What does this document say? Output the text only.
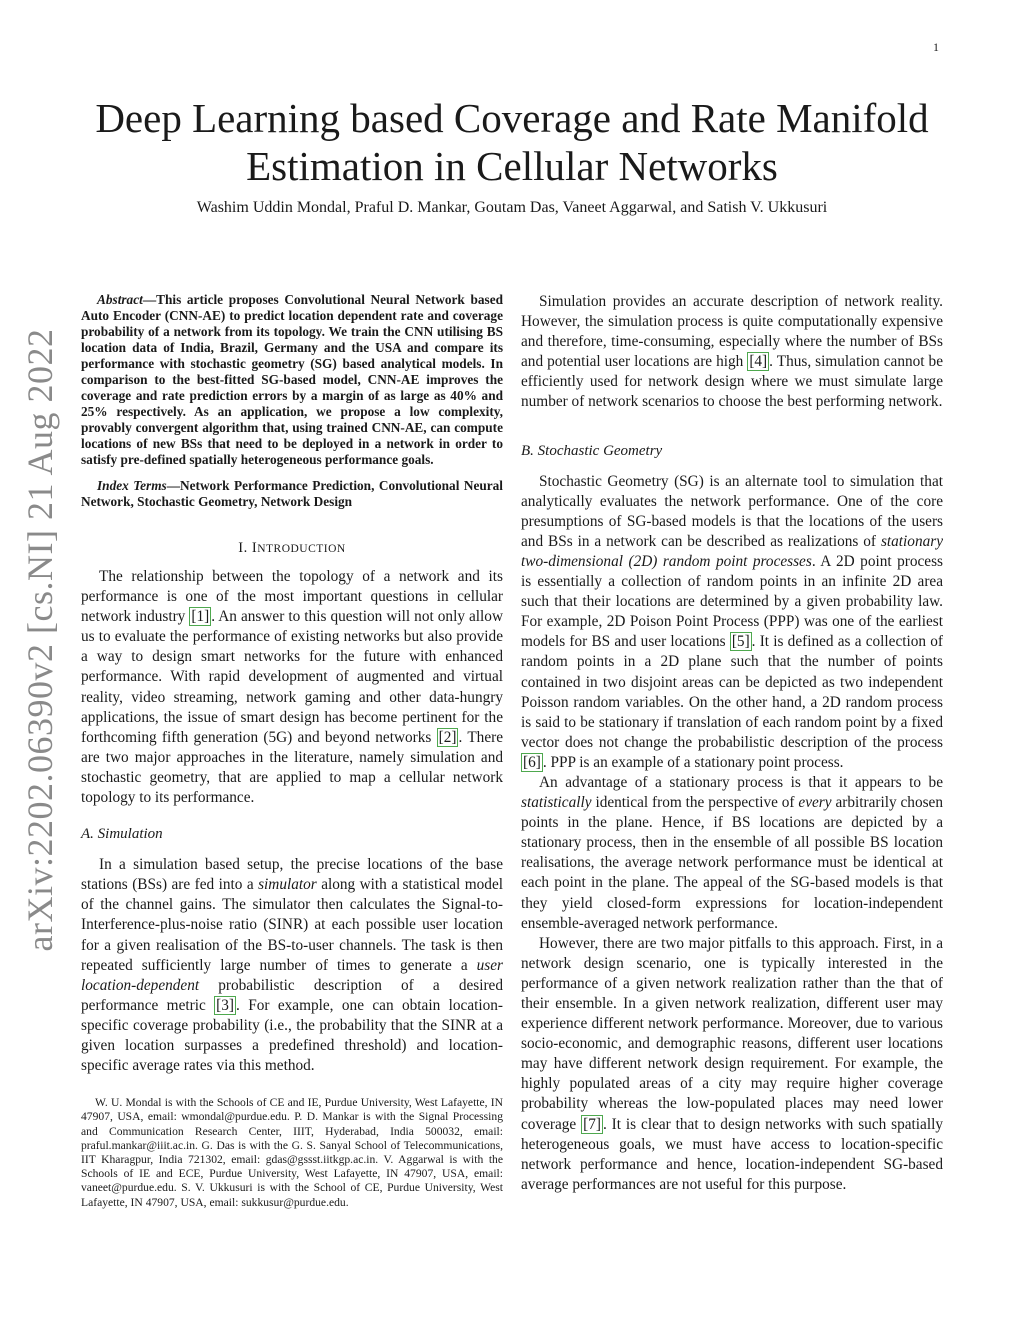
1
arXiv:2202.06390v2 [cs.NI] 21 Aug 2022
Deep Learning based Coverage and Rate Manifold
Estimation in Cellular Networks
Washim Uddin Mondal, Praful D. Mankar, Goutam Das, Vaneet Aggarwal, and Satish V. Ukkusuri

Abstract—This article proposes Convolutional Neural Network based Auto Encoder (CNN-AE) to predict location dependent rate and coverage probability of a network from its topology. We train the CNN utilising BS location data of India, Brazil, Germany and the USA and compare its performance with stochastic geometry (SG) based analytical models. In comparison to the best-fitted SG-based model, CNN-AE improves the coverage and rate prediction errors by a margin of as large as 40% and 25% respectively. As an application, we propose a low complexity, provably convergent algorithm that, using trained CNN-AE, can compute locations of new BSs that need to be deployed in a network in order to satisfy pre-defined spatially heterogeneous performance goals.

Index Terms—Network Performance Prediction, Convolutional Neural Network, Stochastic Geometry, Network Design

I. INTRODUCTION

The relationship between the topology of a network and its performance is one of the most important questions in cellular network industry [1] . An answer to this question will not only allow us to evaluate the performance of existing networks but also provide a way to design smart networks for the future with enhanced performance. With rapid development of augmented and virtual reality, video streaming, network gaming and other data-hungry applications, the issue of smart design has become pertinent for the forthcoming fifth generation (5G) and beyond networks [2] . There are two major approaches in the literature, namely simulation and stochastic geometry, that are applied to map a cellular network topology to its performance.

A. Simulation

In a simulation based setup, the precise locations of the base stations (BSs) are fed into a simulator along with a statistical model of the channel gains. The simulator then calculates the Signal-to-Interference-plus-noise ratio (SINR) at each possible user location for a given realisation of the BS-to-user channels. The task is then repeated sufficiently large number of times to generate a user location-dependent probabilistic description of a desired performance metric [3] . For example, one can obtain location-specific coverage probability (i.e., the probability that the SINR at a given location surpasses a predefined threshold) and location-specific average rates via this method.

W. U. Mondal is with the Schools of CE and IE, Purdue University, West Lafayette, IN 47907, USA, email: wmondal@purdue.edu. P. D. Mankar is with the Signal Processing and Communication Research Center, IIIT, Hyderabad, India 500032, email: praful.mankar@iiit.ac.in. G. Das is with the G. S. Sanyal School of Telecommunications, IIT Kharagpur, India 721302, email: gdas@gssst.iitkgp.ac.in. V. Aggarwal is with the Schools of IE and ECE, Purdue University, West Lafayette, IN 47907, USA, email: vaneet@purdue.edu. S. V. Ukkusuri is with the School of CE, Purdue University, West Lafayette, IN 47907, USA, email: sukkusur@purdue.edu.

Simulation provides an accurate description of network reality. However, the simulation process is quite computationally expensive and therefore, time-consuming, especially where the number of BSs and potential user locations are high [4] . Thus, simulation cannot be efficiently used for network design where we must simulate large number of network scenarios to choose the best performing network.

B. Stochastic Geometry

Stochastic Geometry (SG) is an alternate tool to simulation that analytically evaluates the network performance. One of the core presumptions of SG-based models is that the locations of the users and BSs in a network can be described as realizations of stationary two-dimensional (2D) random point processes. A 2D point process is essentially a collection of random points in an infinite 2D area such that their locations are determined by a given probability law. For example, 2D Poison Point Process (PPP) was one of the earliest models for BS and user locations [5] . It is defined as a collection of random points in a 2D plane such that the number of points contained in two disjoint areas can be depicted as two independent Poisson random variables. On the other hand, a 2D random process is said to be stationary if translation of each random point by a fixed vector does not change the probabilistic description of the process [6] . PPP is an example of a stationary point process.

An advantage of a stationary process is that it appears to be statistically identical from the perspective of every arbitrarily chosen points in the plane. Hence, if BS locations are depicted by a stationary process, then in the ensemble of all possible BS location realisations, the average network performance must be identical at each point in the plane. The appeal of the SG-based models is that they yield closed-form expressions for location-independent ensemble-averaged network performance.

However, there are two major pitfalls to this approach. First, in a network design scenario, one is typically interested in the performance of a given network realization rather than the that of their ensemble. In a given network realization, different user may experience different network performance. Moreover, due to various socio-economic, and demographic reasons, different user locations may have different network design requirement. For example, the highly populated areas of a city may require higher coverage probability whereas the low-populated places may need lower coverage [7] . It is clear that to design networks with such spatially heterogeneous goals, we must have access to location-specific network performance and hence, location-independent SG-based average performances are not useful for this purpose.
